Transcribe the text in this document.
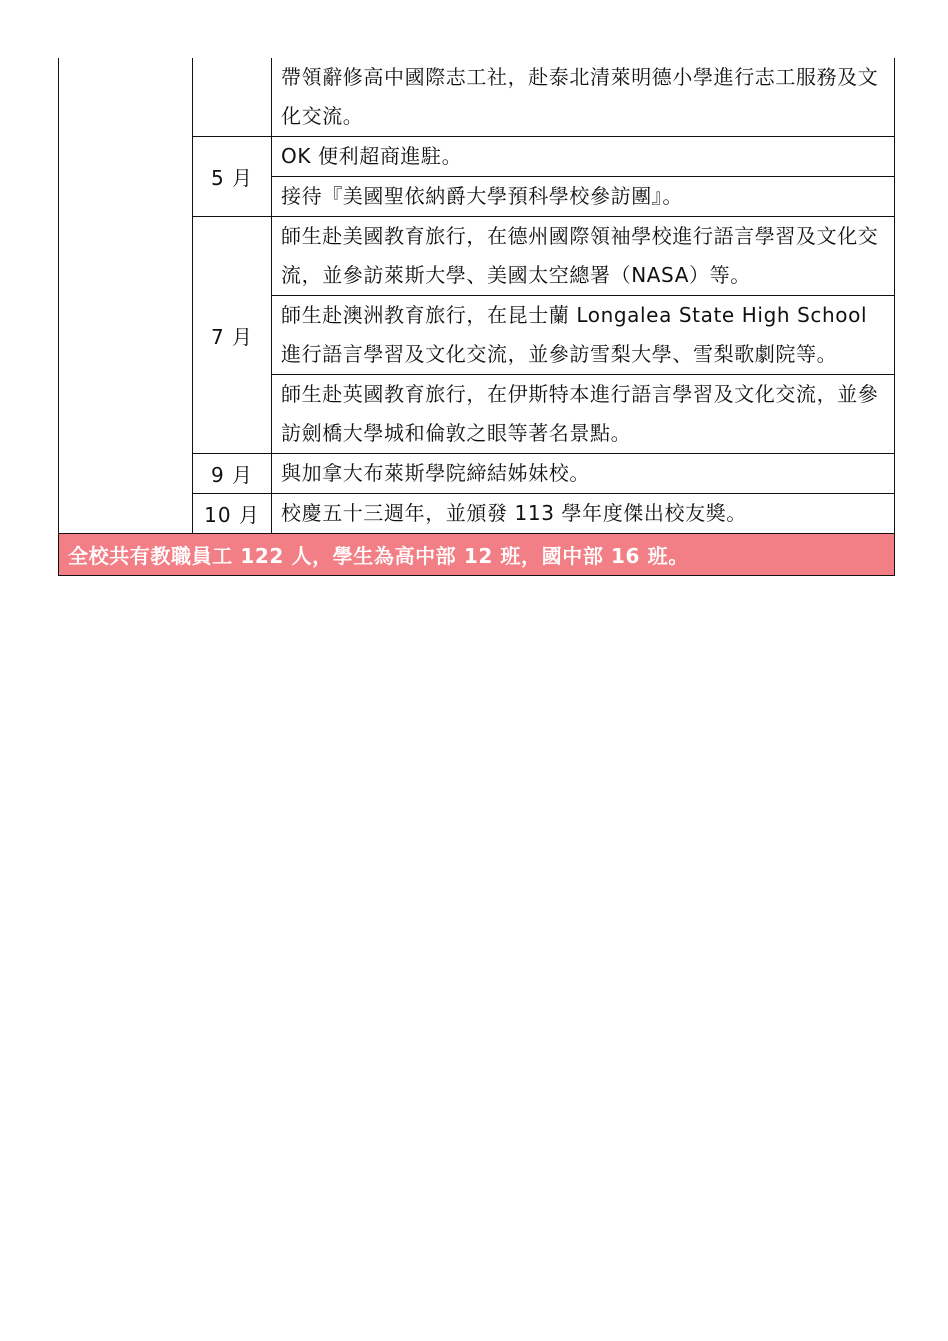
		帶領辭修高中國際志工社，赴泰北清萊明德小學進行志工服務及文化交流。
	5 月	OK 便利超商進駐。
		接待『美國聖依納爵大學預科學校參訪團』。
	7 月	師生赴美國教育旅行，在德州國際領袖學校進行語言學習及文化交流，並參訪萊斯大學、美國太空總署（NASA）等。
		師生赴澳洲教育旅行，在昆士蘭 Longalea State High School 進行語言學習及文化交流，並參訪雪梨大學、雪梨歌劇院等。
		師生赴英國教育旅行，在伊斯特本進行語言學習及文化交流，並參訪劍橋大學城和倫敦之眼等著名景點。
	9 月	與加拿大布萊斯學院締結姊妹校。
	10 月	校慶五十三週年，並頒發 113 學年度傑出校友獎。
全校共有教職員工 122 人，學生為高中部 12 班，國中部 16 班。		
